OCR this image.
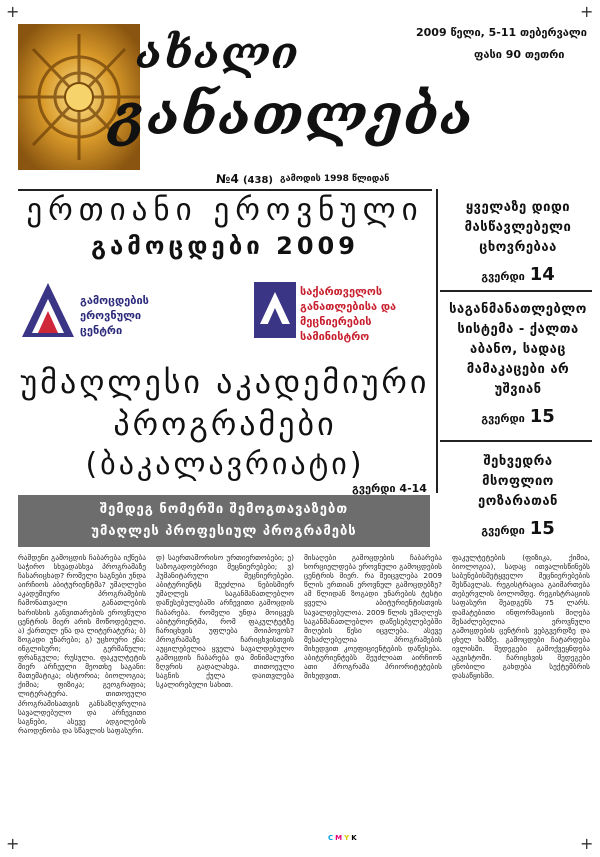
+	+
+	+
ახალი
განათლება
2009 წელი, 5-11 თებერვალი
ფასი 90 თეთრი
№4 (438) გამოდის 1998 წლიდან
ერთიანი ეროვნული
გამოცდები 2009
გამოცდების ეროვნული ცენტრი
საქართველოს განათლებისა და მეცნიერების სამინისტრო
უმაღლესი აკადემიური
პროგრამები
(ბაკალავრიატი)
გვერდი 4-14
შემდეგ ნომერში შემოგთავაზებთ
უმაღლეს პროფესიულ პროგრამებს
ყველაზე დიდი მასწავლებელი ცხოვრებაა
გვერდი 14
საგანმანათლებლო სისტემა - ქალთა აბანო, სადაც მამაკაცები არ უშვიან
გვერდი 15
შეხვედრა მსოფლიო ეოზარათან
გვერდი 15
რამდენი გამოცდის ჩაბარება იქნება საჭირო სხვადასხვა პროგრამაზე ჩასარიცხად? რომელი საგნები უნდა აირჩიოს აბიტურიენტმა? უმაღლესი აკადემიური პროგრამების ჩამონათვალი განათლების ხარისხის განვითარების ეროვნული ცენტრის მიერ არის მოწოდებული. ა) ქართულ ენა და ლიტერატურა; ბ) ზოგადი უნარები; გ) უცხოური ენა: ინგლისური; გერმანული; ფრანგული; რუსული. ფაკულტეტის მიერ არჩეული მეოთხე საგანი: მათემატიკა; ისტორია; ბიოლოგია; ქიმია; ფიზიკა; გეოგრაფია; ლიტერატურა. თითოეული პროგრამისათვის განსაზღვრულია სავალდებულო და არჩევითი საგნები, ასევე ადგილების რაოდენობა და სწავლის საფასური.
დ) საერთაშორისო ურთიერთობები; ე) საზოგადოებრივი მეცნიერებები; ვ) ჰუმანიტარული მეცნიერებები. აბიტურიენტს შეუძლია ნებისმიერ უმაღლეს საგანმანათლებლო დაწესებულებაში არჩევითი გამოცდის ჩაბარება. რომელი უნდა მოიცვეს აბიტურიენტმა, რომ ფაკულტეტზე ჩარიცხვის უფლება მოიპოვოს? პროგრამაზე ჩარიცხვისთვის აუცილებელია ყველა სავალდებულო გამოცდის ჩაბარება და მინიმალური ზღვრის გადალახვა. თითოეული საგნის ქულა დაითვლება სკალირებული სახით.
მისაღები გამოცდების ჩაბარება ხორციელდება ეროვნული გამოცდების ცენტრის მიერ. რა შეიცვლება 2009 წლის ერთიან ეროვნულ გამოცდებზე? ამ წლიდან ზოგადი უნარების ტესტი ყველა აბიტურიენტისთვის სავალდებულოა. 2009 წლის უმაღლეს საგანმანათლებლო დაწესებულებებში მიღების წესი იცვლება. ასევე შესაძლებელია პროგრამების მიხედვით კოეფიციენტების დაწესება. აბიტურიენტებს შეუძლიათ აირჩიონ ათი პროგრამა პრიორიტეტების მიხედვით.
ფაკულტეტების (ფიზიკა, ქიმია, ბიოლოგია), სადაც ითვალისწინებს საბუნებისმეტყველო მეცნიერებების შესწავლას. რეგისტრაცია გაიმართება თებერვლის ბოლომდე. რეგისტრაციის საფასური შეადგენს 75 ლარს. დამატებითი ინფორმაციის მიღება შესაძლებელია ეროვნული გამოცდების ცენტრის ვებგვერდზე და ცხელ ხაზზე. გამოცდები ჩატარდება ივლისში. შედეგები გამოქვეყნდება აგვისტოში. ჩარიცხვის შედეგები ცნობილი გახდება სექტემბრის დასაწყისში.
CMYK
